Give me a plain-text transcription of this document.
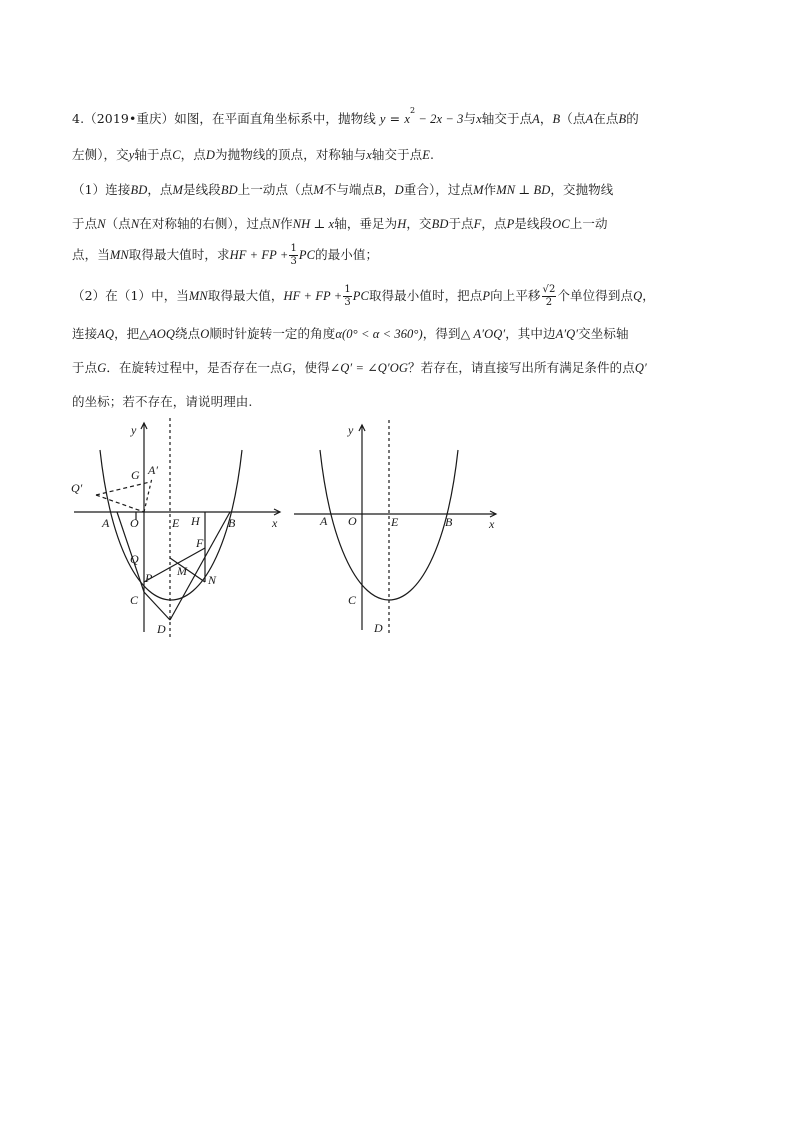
4.（2019•重庆）如图，在平面直角坐标系中，抛物线 $y = x^2 - 2x - 3$与x轴交于点A，B（点A在点B的
左侧），交y轴于点C，点D为抛物线的顶点，对称轴与x轴交于点E.
（1）连接BD，点M是线段BD上一动点（点M不与端点B，D重合），过点M作MN ⊥ BD，交抛物线
于点N（点N在对称轴的右侧），过点N作NH ⊥ x轴，垂足为H，交BD于点F，点P是线段OC上一动
点，当MN取得最大值时，求HF + FP + $\frac{1}{3}$ PC的最小值；
（2）在（1）中，当MN取得最大值，HF + FP + $\frac{1}{3}$ PC取得最小值时，把点P向上平移 $\frac{√2}{2}$ 个单位得到点Q，
连接AQ，把△AOQ绕点O顺时针旋转一定的角度α(0° < α < 360°)，得到△ A′OQ′，其中边A′Q′交坐标轴
于点G．在旋转过程中，是否存在一点G，使得∠Q′ = ∠Q′OG？若存在，请直接写出所有满足条件的点Q′
的坐标；若不存在，请说明理由.
y
x
A O	E H B
G A′
Q′
F
Q
P M
N
C
D
y
x
A O	E	B
C
D
